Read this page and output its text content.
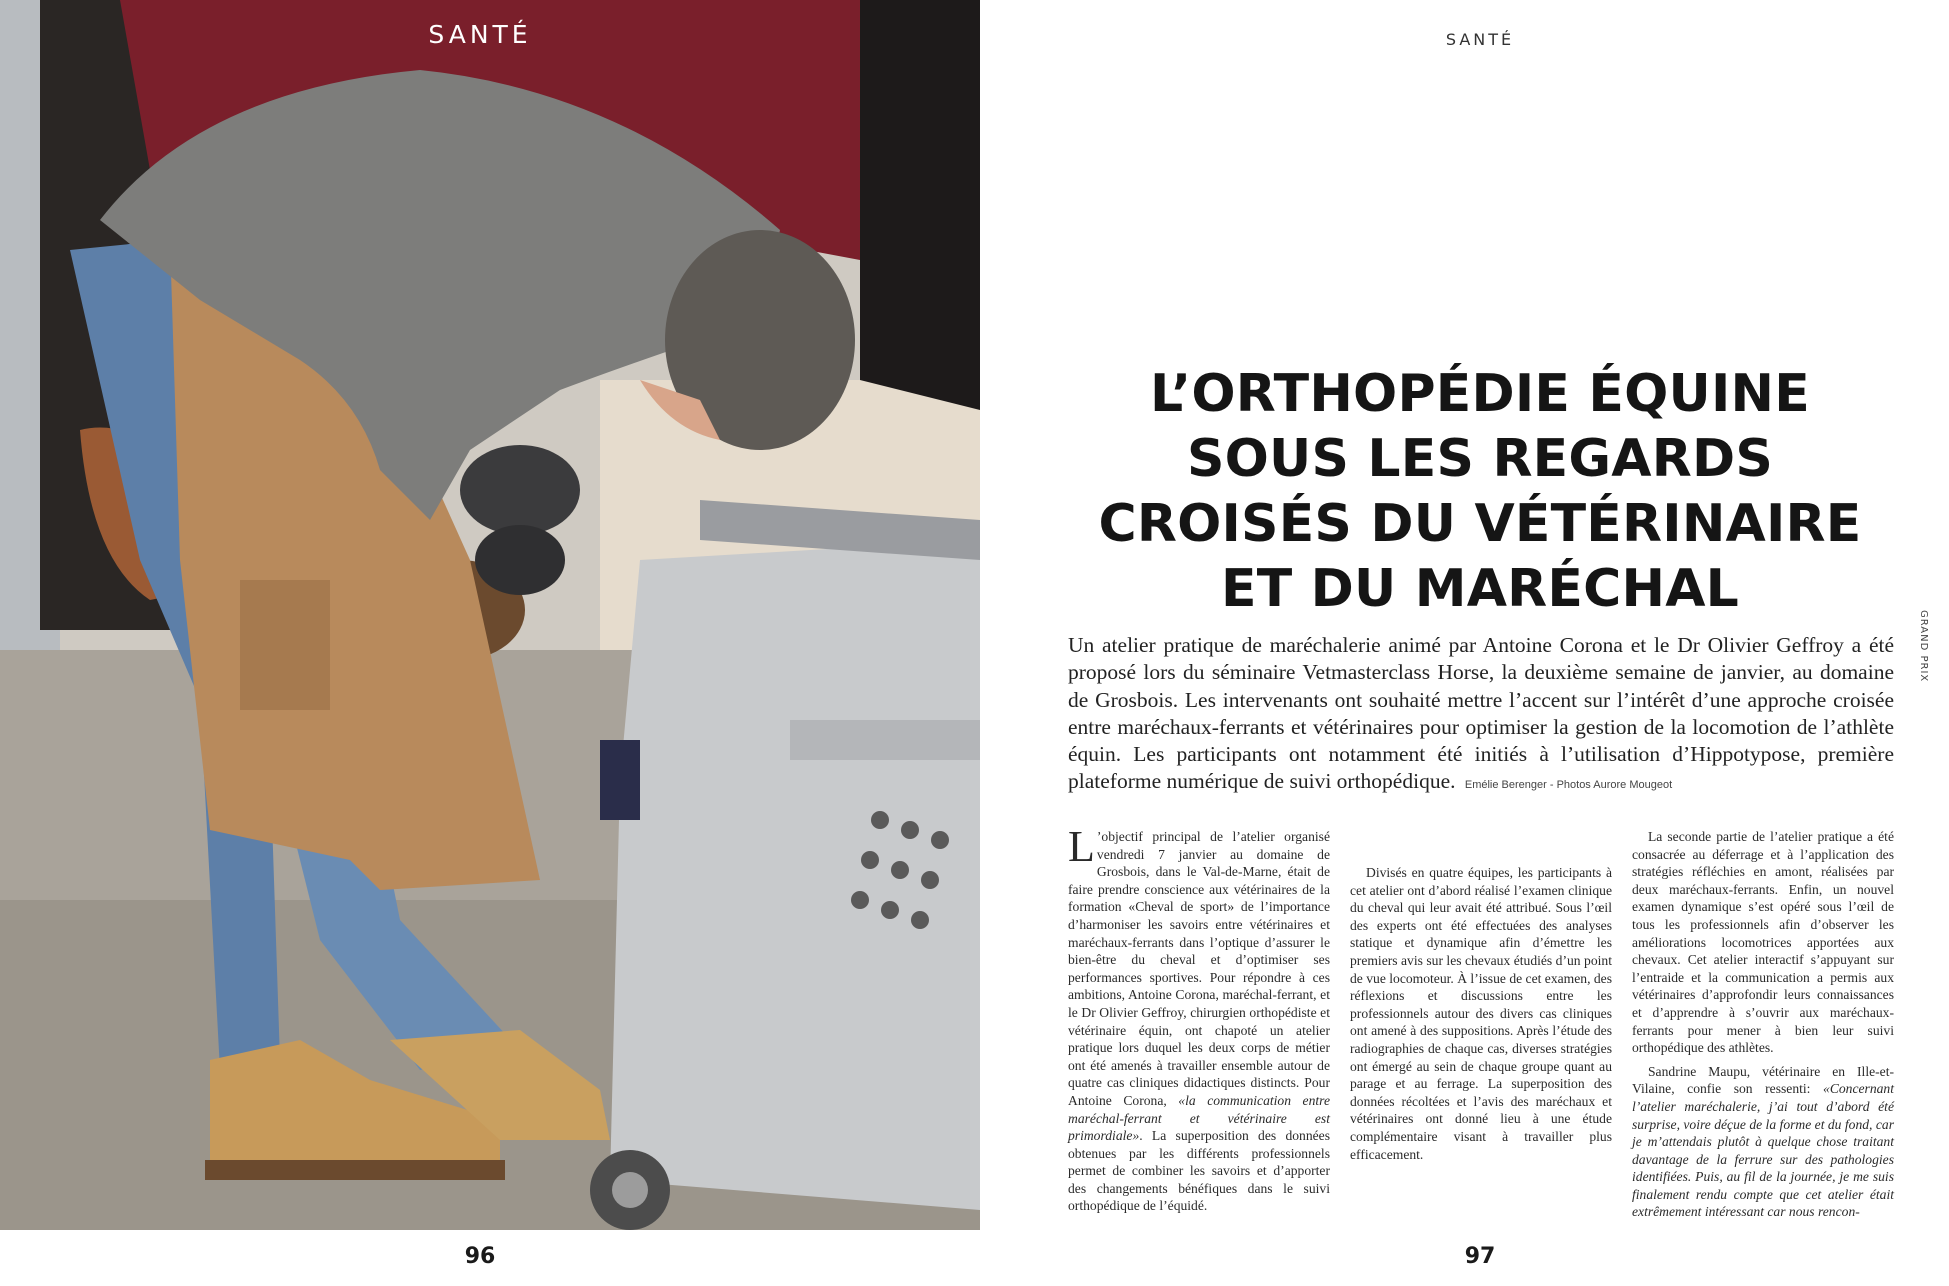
SANTÉ
96
SANTÉ
GRAND PRIX
L’ORTHOPÉDIE ÉQUINE
SOUS LES REGARDS
CROISÉS DU VÉTÉRINAIRE
ET DU MARÉCHAL
Un atelier pratique de maréchalerie animé par Antoine Corona et le Dr Olivier Geffroy a été proposé lors du séminaire Vetmasterclass Horse, la deuxième semaine de janvier, au domaine de Grosbois. Les intervenants ont souhaité mettre l’accent sur l’intérêt d’une approche croisée entre maréchaux-ferrants et vétérinaires pour optimiser la gestion de la locomotion de l’athlète équin. Les participants ont notamment été initiés à l’utilisation d’Hippotypose, première plateforme numérique de suivi orthopédique. Emélie Berenger - Photos Aurore Mougeot

L ’objectif principal de l’atelier organisé vendredi 7 janvier au domaine de Grosbois, dans le Val-de-Marne, était de faire prendre conscience aux vétérinaires de la formation «Cheval de sport» de l’importance d’harmoniser les savoirs entre vétérinaires et maréchaux-ferrants dans l’optique d’assurer le bien-être du cheval et d’optimiser ses performances sportives. Pour répondre à ces ambitions, Antoine Corona, maréchal-ferrant, et le Dr Olivier Geffroy, chirurgien orthopédiste et vétérinaire équin, ont chapoté un atelier pratique lors duquel les deux corps de métier ont été amenés à travailler ensemble autour de quatre cas cliniques didactiques distincts. Pour Antoine Corona, «la communication entre maréchal-ferrant et vétérinaire est primordiale». La superposition des données obtenues par les différents professionnels permet de combiner les savoirs et d’apporter des changements bénéfiques dans le suivi orthopédique de l’équidé.

Divisés en quatre équipes, les participants à cet atelier ont d’abord réalisé l’examen clinique du cheval qui leur avait été attribué. Sous l’œil des experts ont été effectuées des analyses statique et dynamique afin d’émettre les premiers avis sur les chevaux étudiés d’un point de vue locomoteur. À l’issue de cet examen, des réflexions et discussions entre les professionnels autour des divers cas cliniques ont amené à des suppositions. Après l’étude des radiographies de chaque cas, diverses stratégies ont émergé au sein de chaque groupe quant au parage et au ferrage. La superposition des données récoltées et l’avis des maréchaux et vétérinaires ont donné lieu à une étude complémentaire visant à travailler plus efficacement.

La seconde partie de l’atelier pratique a été consacrée au déferrage et à l’application des stratégies réfléchies en amont, réalisées par deux maréchaux-ferrants. Enfin, un nouvel examen dynamique s’est opéré sous l’œil de tous les professionnels afin d’observer les améliorations locomotrices apportées aux chevaux. Cet atelier interactif s’appuyant sur l’entraide et la communication a permis aux vétérinaires d’approfondir leurs connaissances et d’apprendre à s’ouvrir aux maréchaux-ferrants pour mener à bien leur suivi orthopédique des athlètes.

Sandrine Maupu, vétérinaire en Ille-et-Vilaine, confie son ressenti: «Concernant l’atelier maréchalerie, j’ai tout d’abord été surprise, voire déçue de la forme et du fond, car je m’attendais plutôt à quelque chose traitant davantage de la ferrure sur des pathologies identifiées. Puis, au fil de la journée, je me suis finalement rendu compte que cet atelier était extrêmement intéressant car nous rencon-

97
